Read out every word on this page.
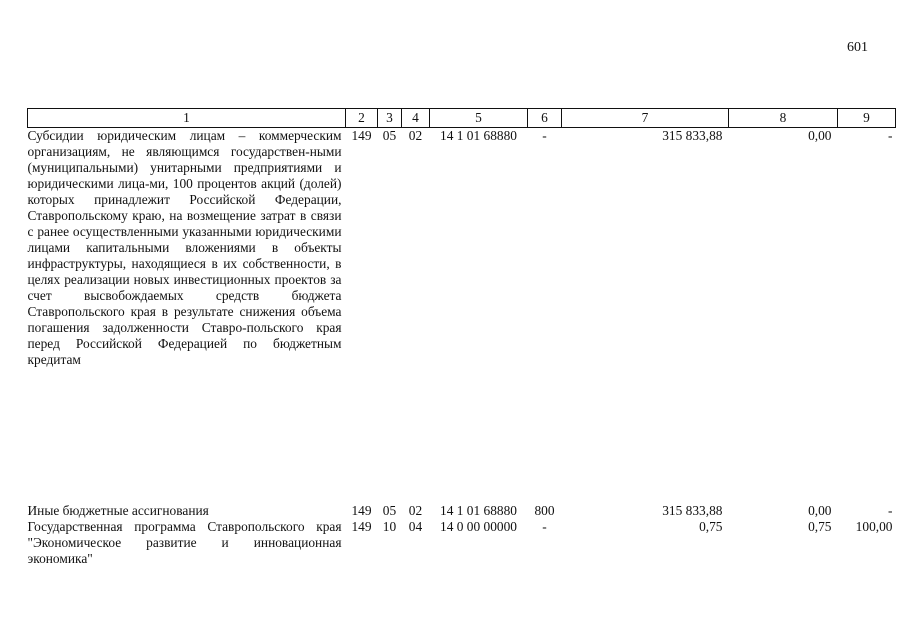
601
1	2	3	4	5	6	7	8	9
Субсидии юридическим лицам – коммерческим организациям, не являющимся государствен-ными (муниципальными) унитарными предприятиями и юридическими лица-ми, 100 процентов акций (долей) которых принадлежит Российской Федерации, Ставропольскому краю, на возмещение затрат в связи с ранее осуществленными указанными юридическими лицами капитальными вложениями в объекты инфраструктуры, находящиеся в их собственности, в целях реализации новых инвестиционных проектов за счет высвобождаемых средств бюджета Ставропольского края в результате снижения объема погашения задолженности Ставро-польского края перед Российской Федерацией по бюджетным кредитам	149	05	02	14 1 01 68880	-	315 833,88	0,00	-
Иные бюджетные ассигнования	149	05	02	14 1 01 68880	800	315 833,88	0,00	-
Государственная программа Ставропольского края "Экономическое развитие и инновационная экономика"	149	10	04	14 0 00 00000	-	0,75	0,75	100,00
